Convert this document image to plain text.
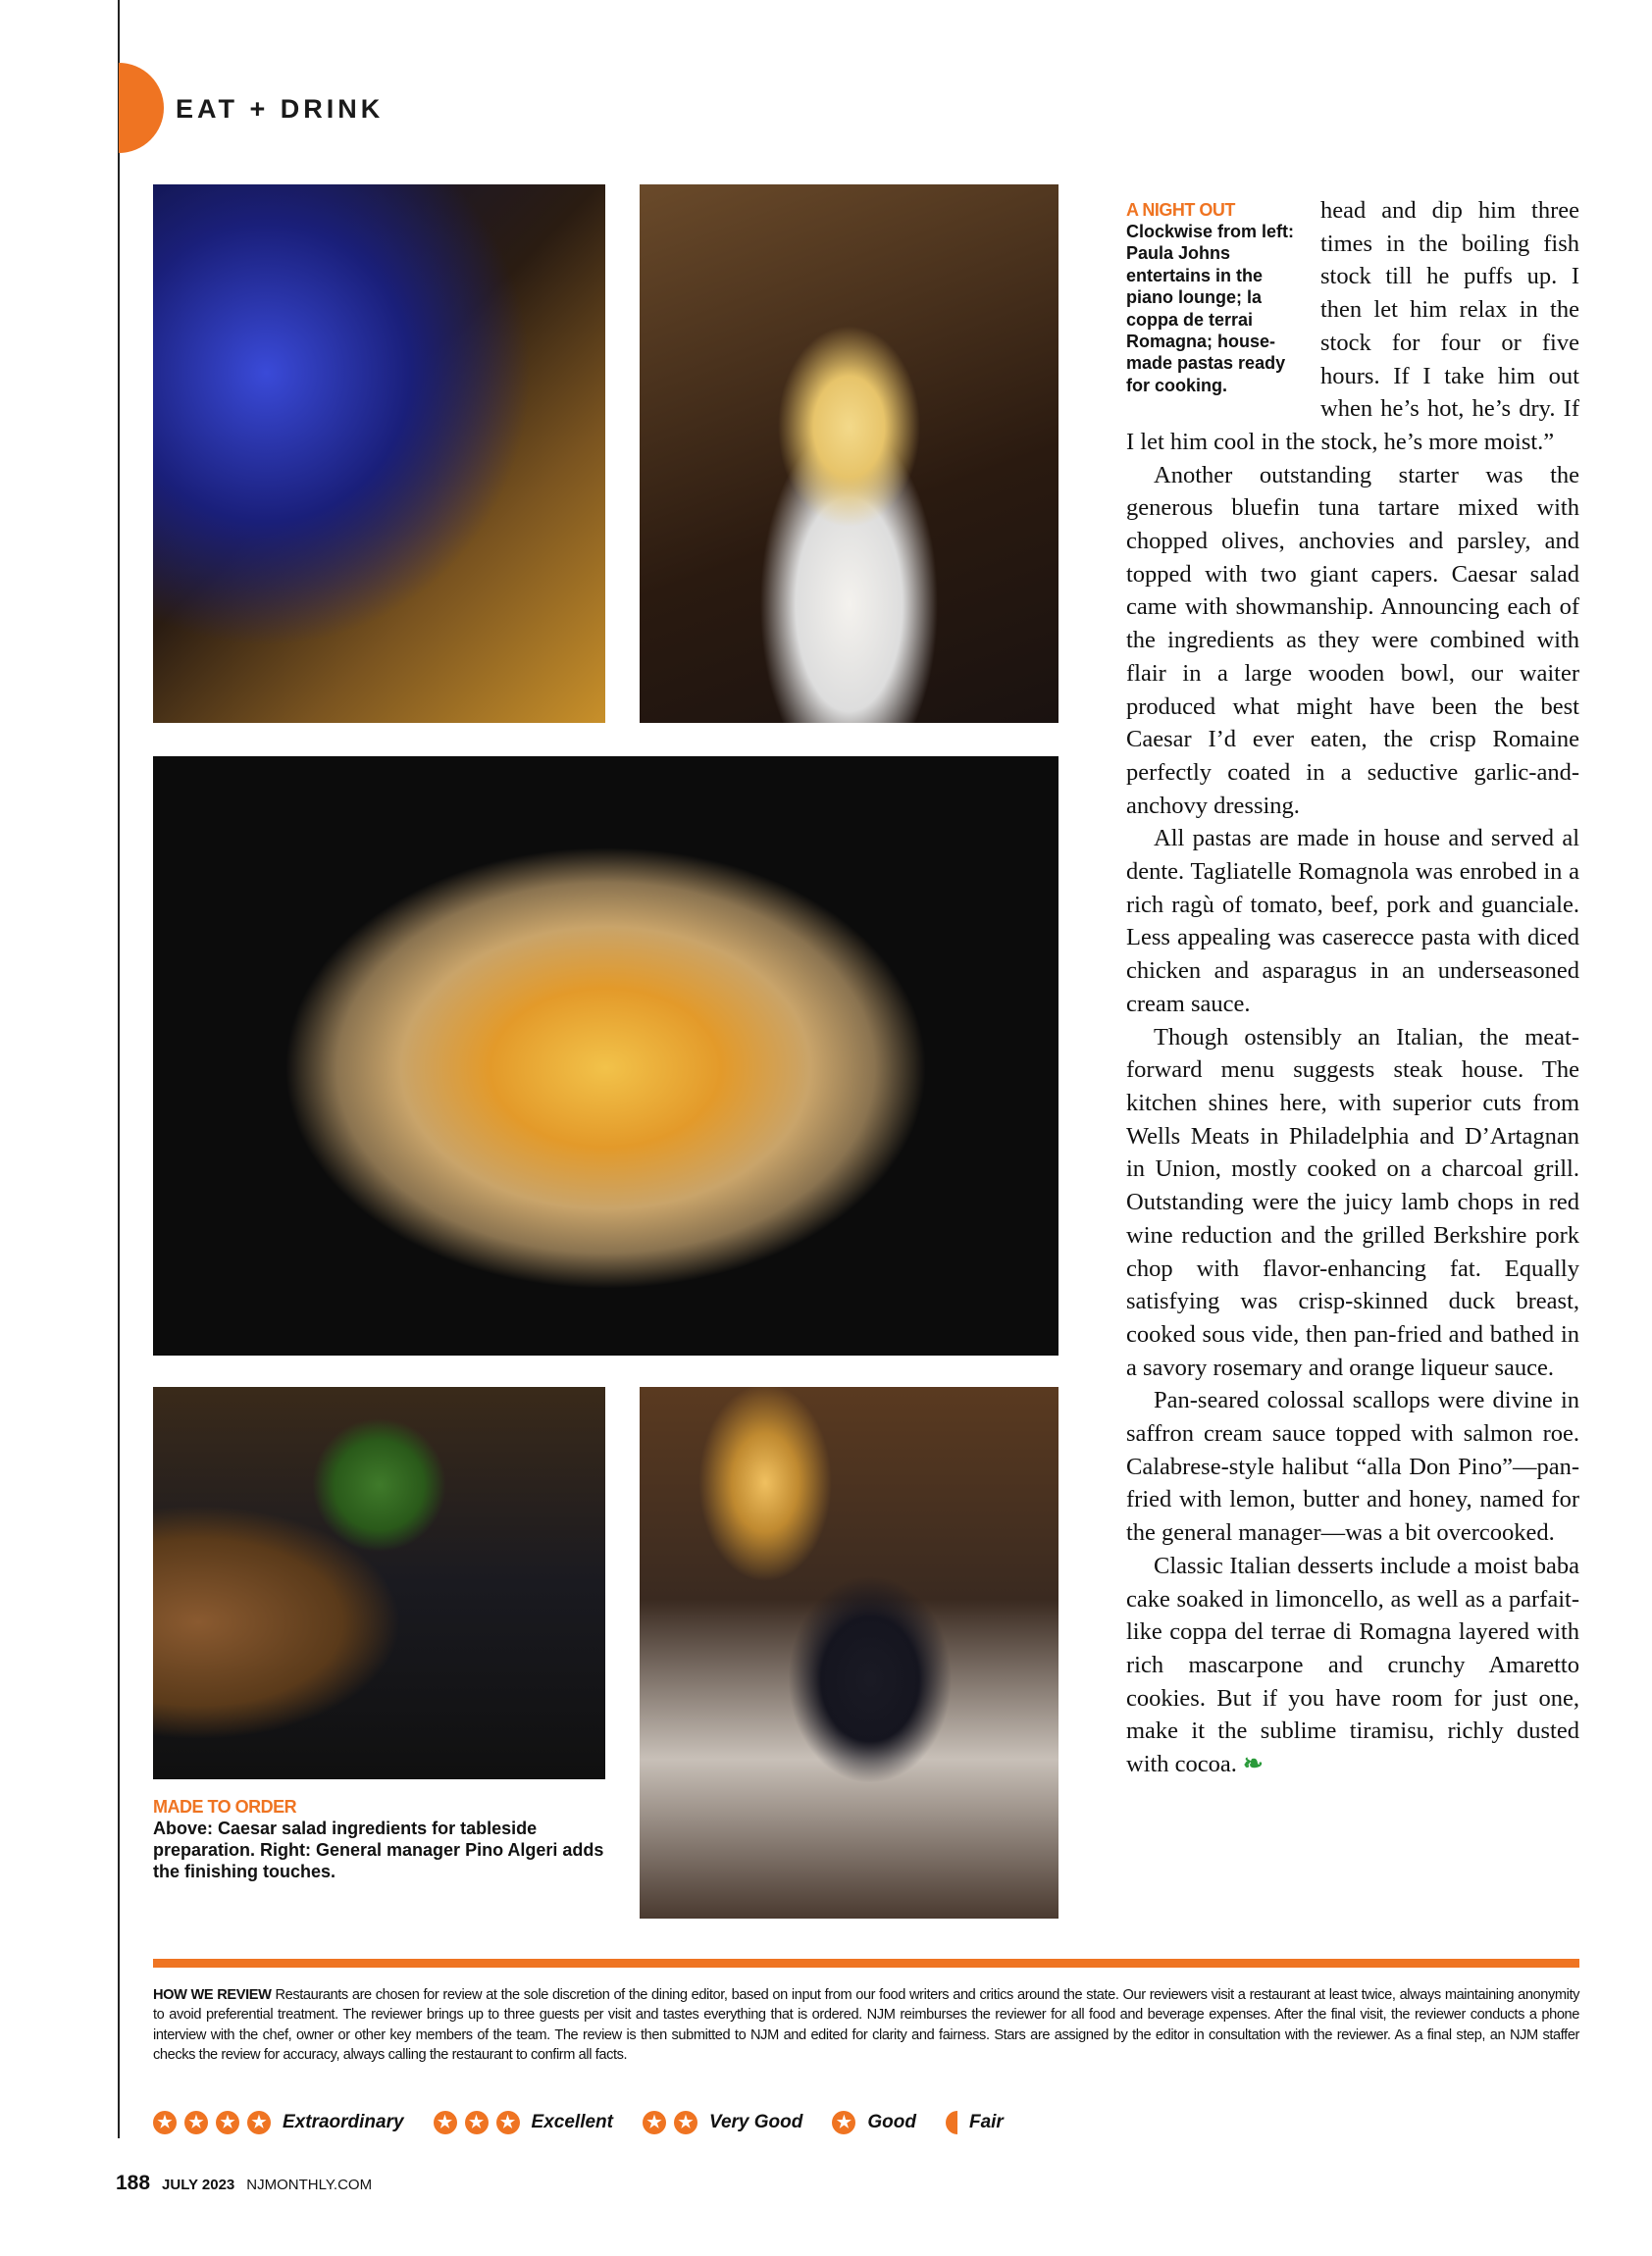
EAT + DRINK
MADE TO ORDER
Above: Caesar salad ingredients for tableside preparation. Right: General manager Pino Algeri adds the finishing touches.
A NIGHT OUT
Clockwise from left: Paula Johns entertains in the piano lounge; la coppa de terrai Romagna; house-made pastas ready for cooking.

head and dip him three times in the boiling fish stock till he puffs up. I then let him relax in the stock for four or five hours. If I take him out when he’s hot, he’s dry. If I let him cool in the stock, he’s more moist.”

Another outstanding starter was the generous bluefin tuna tartare mixed with chopped olives, anchovies and parsley, and topped with two giant capers. Caesar salad came with showmanship. Announcing each of the ingredients as they were combined with flair in a large wooden bowl, our waiter produced what might have been the best Caesar I’d ever eaten, the crisp Romaine perfectly coated in a seductive garlic-and-anchovy dressing.

All pastas are made in house and served al dente. Tagliatelle Romagnola was enrobed in a rich ragù of tomato, beef, pork and guanciale. Less appealing was caserecce pasta with diced chicken and asparagus in an underseasoned cream sauce.

Though ostensibly an Italian, the meat-forward menu suggests steak house. The kitchen shines here, with superior cuts from Wells Meats in Philadelphia and D’Artagnan in Union, mostly cooked on a charcoal grill. Outstanding were the juicy lamb chops in red wine reduction and the grilled Berkshire pork chop with flavor-enhancing fat. Equally satisfying was crisp-skinned duck breast, cooked sous vide, then pan-fried and bathed in a savory rosemary and orange liqueur sauce.

Pan-seared colossal scallops were divine in saffron cream sauce topped with salmon roe. Calabrese-style halibut “alla Don Pino”—pan-fried with lemon, butter and honey, named for the general manager—was a bit overcooked.

Classic Italian desserts include a moist baba cake soaked in limoncello, as well as a parfait-like coppa del terrae di Romagna layered with rich mascarpone and crunchy Amaretto cookies. But if you have room for just one, make it the sublime tiramisu, richly dusted with cocoa. ❧

HOW WE REVIEW Restaurants are chosen for review at the sole discretion of the dining editor, based on input from our food writers and critics around the state. Our reviewers visit a restaurant at least twice, always maintaining anonymity to avoid preferential treatment. The reviewer brings up to three guests per visit and tastes everything that is ordered. NJM reimburses the reviewer for all food and beverage expenses. After the final visit, the reviewer conducts a phone interview with the chef, owner or other key members of the team. The review is then submitted to NJM and edited for clarity and fairness. Stars are assigned by the editor in consultation with the reviewer. As a final step, an NJM staffer checks the review for accuracy, always calling the restaurant to confirm all facts.
★ ★ ★ ★ Extraordinary ★ ★ ★ Excellent ★ ★ Very Good ★ Good	Fair
188 JULY 2023 NJMONTHLY.COM
